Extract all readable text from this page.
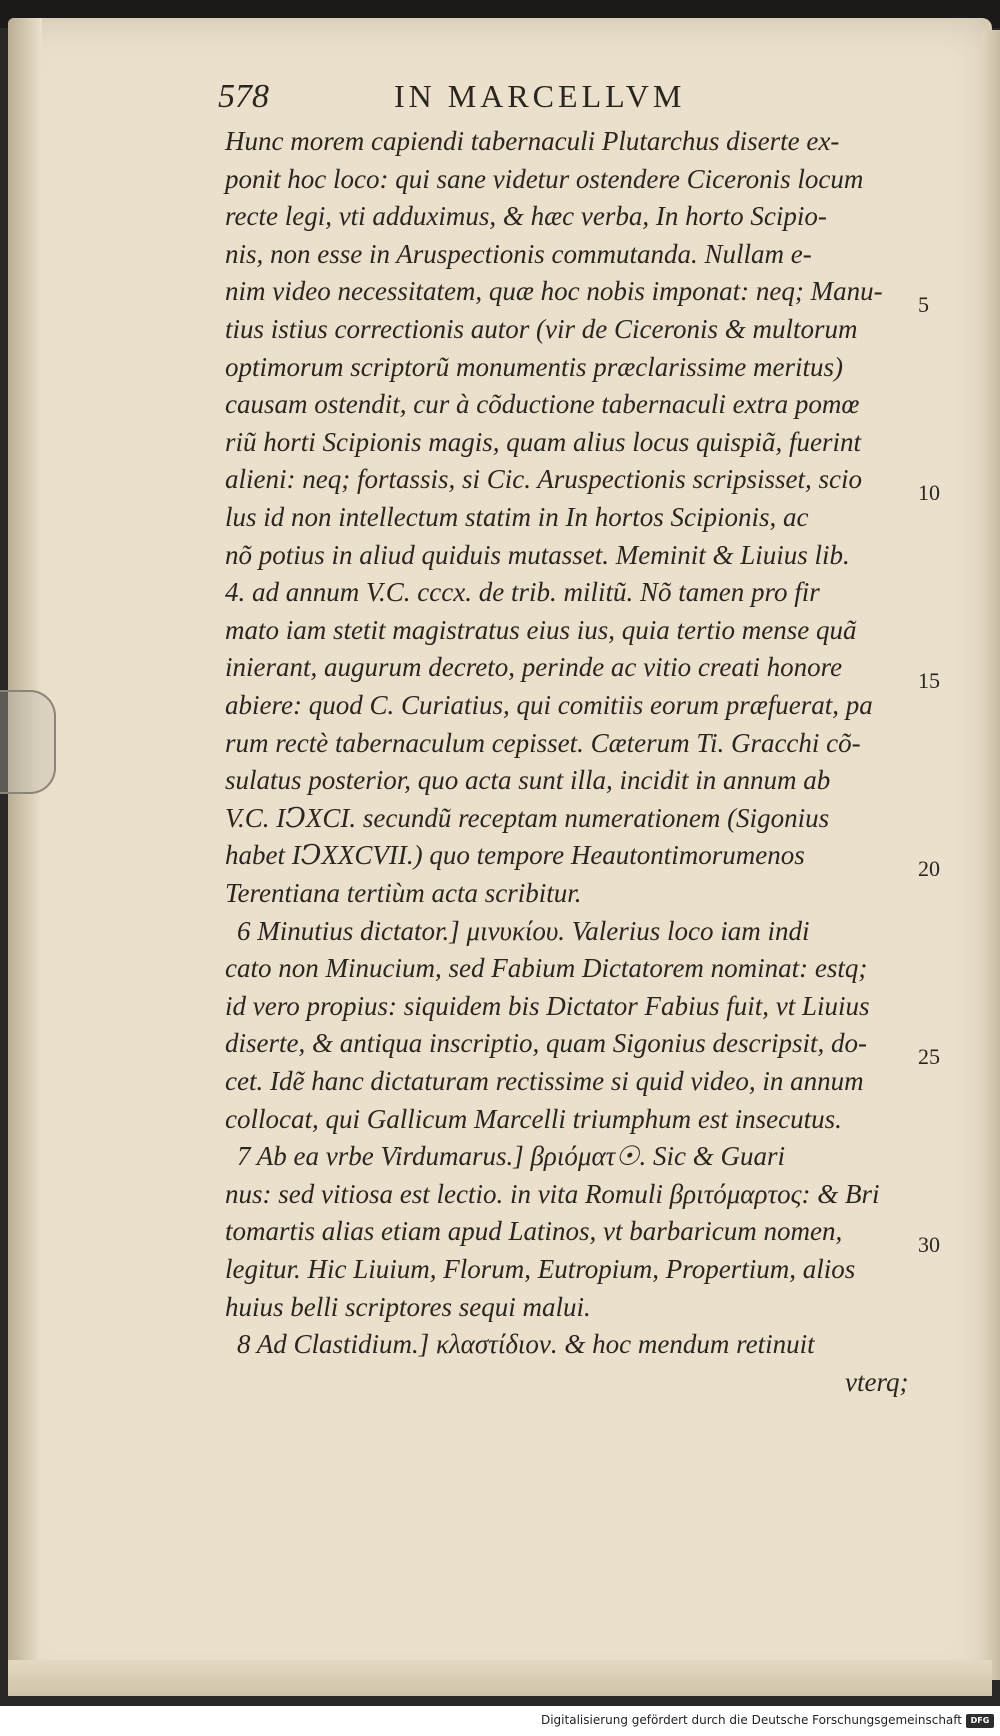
578	IN MARCELLVM
Hunc morem capiendi tabernaculi Plutarchus diserte ex-
ponit hoc loco: qui sane videtur ostendere Ciceronis locum
recte legi, vti adduximus, & hæc verba, In horto Scipio-
nis, non esse in Aruspectionis commutanda. Nullam e-
nim video necessitatem, quæ hoc nobis imponat: neq; Manu-
tius istius correctionis autor (vir de Ciceronis & multorum
optimorum scriptorũ monumentis præclarissime meritus)
causam ostendit, cur à cõductione tabernaculi extra pomœ
riũ horti Scipionis magis, quam alius locus quispiã, fuerint
alieni: neq; fortassis, si Cic. Aruspectionis scripsisset, scio
lus id non intellectum statim in In hortos Scipionis, ac
nõ potius in aliud quiduis mutasset. Meminit & Liuius lib.
4. ad annum V.C. cccx. de trib. militũ. Nõ tamen pro fir
mato iam stetit magistratus eius ius, quia tertio mense quã
inierant, augurum decreto, perinde ac vitio creati honore
abiere: quod C. Curiatius, qui comitiis eorum præfuerat, pa
rum rectè tabernaculum cepisset. Cæterum Ti. Gracchi cõ-
sulatus posterior, quo acta sunt illa, incidit in annum ab
V.C. IↃXCI. secundũ receptam numerationem (Sigonius
habet IↃXXCVII.) quo tempore Heautontimorumenos
Terentiana tertiùm acta scribitur.
6 Minutius dictator.] μινυκίου. Valerius loco iam indi
cato non Minucium, sed Fabium Dictatorem nominat: estq;
id vero propius: siquidem bis Dictator Fabius fuit, vt Liuius
diserte, & antiqua inscriptio, quam Sigonius descripsit, do-
cet. Idẽ hanc dictaturam rectissime si quid video, in annum
collocat, qui Gallicum Marcelli triumphum est insecutus.
7 Ab ea vrbe Virdumarus.] βριόματ☉. Sic & Guari
nus: sed vitiosa est lectio. in vita Romuli βριτόμαρτος: & Bri
tomartis alias etiam apud Latinos, vt barbaricum nomen,
legitur. Hic Liuium, Florum, Eutropium, Propertium, alios
huius belli scriptores sequi malui.
8 Ad Clastidium.] κλαστίδιον. & hoc mendum retinuit
vterq;
5
10
15
20
25
30
Digitalisierung gefördert durch die Deutsche Forschungsgemeinschaft	DFG
